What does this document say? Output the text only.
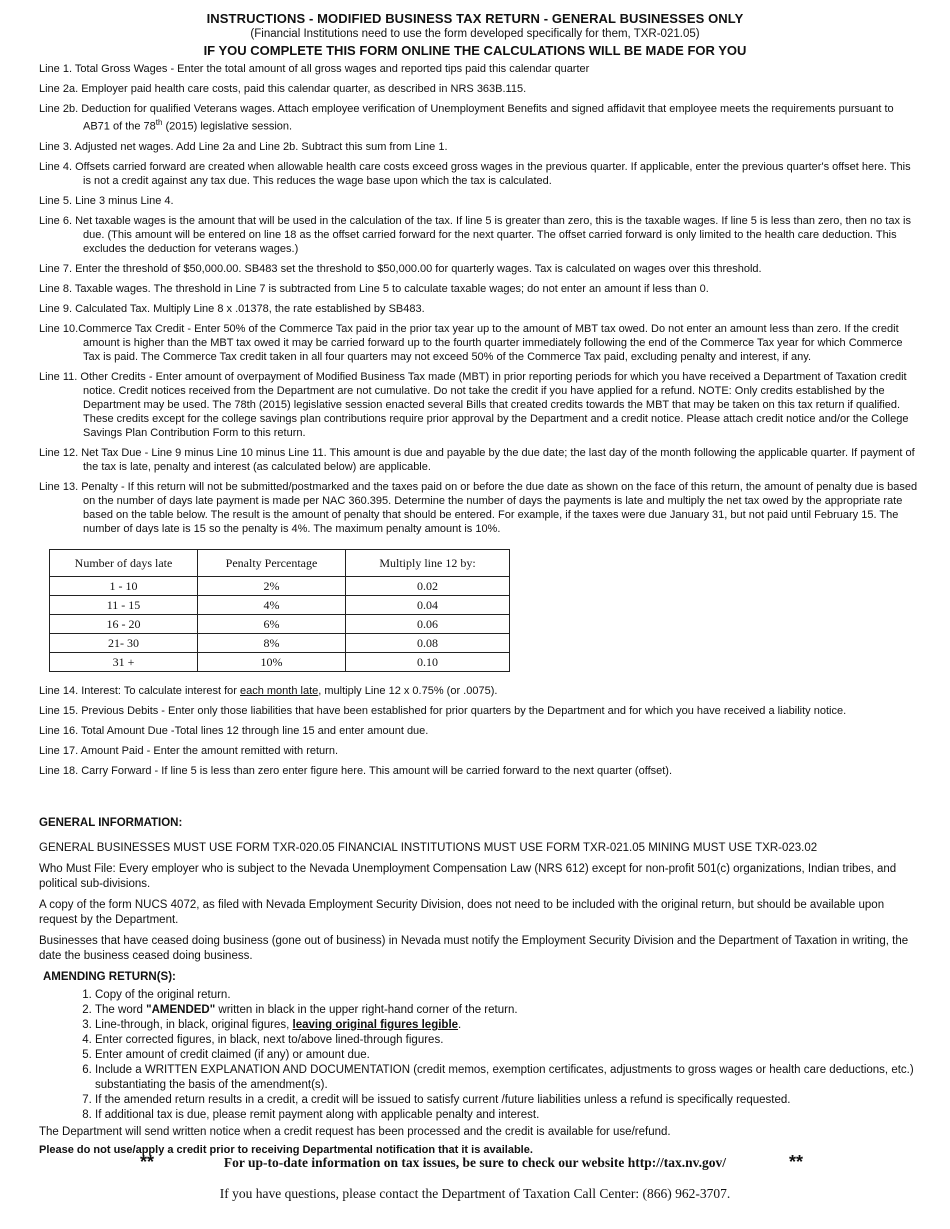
INSTRUCTIONS - MODIFIED BUSINESS TAX RETURN - GENERAL BUSINESSES ONLY
(Financial Institutions need to use the form developed specifically for them, TXR-021.05)
IF YOU COMPLETE THIS FORM ONLINE THE CALCULATIONS WILL BE MADE FOR YOU
Line 1. Total Gross Wages - Enter the total amount of all gross wages and reported tips paid this calendar quarter
Line 2a. Employer paid health care costs, paid this calendar quarter, as described in NRS 363B.115.
Line 2b. Deduction for qualified Veterans wages. Attach employee verification of Unemployment Benefits and signed affidavit that employee meets the requirements pursuant to AB71 of the 78th (2015) legislative session.
Line 3. Adjusted net wages. Add Line 2a and Line 2b. Subtract this sum from Line 1.
Line 4. Offsets carried forward are created when allowable health care costs exceed gross wages in the previous quarter. If applicable, enter the previous quarter's offset here. This is not a credit against any tax due. This reduces the wage base upon which the tax is calculated.
Line 5. Line 3 minus Line 4.
Line 6. Net taxable wages is the amount that will be used in the calculation of the tax. If line 5 is greater than zero, this is the taxable wages. If line 5 is less than zero, then no tax is due. (This amount will be entered on line 18 as the offset carried forward for the next quarter. The offset carried forward is only limited to the health care deduction. This excludes the deduction for veterans wages.)
Line 7. Enter the threshold of $50,000.00. SB483 set the threshold to $50,000.00 for quarterly wages. Tax is calculated on wages over this threshold.
Line 8. Taxable wages. The threshold in Line 7 is subtracted from Line 5 to calculate taxable wages; do not enter an amount if less than 0.
Line 9. Calculated Tax. Multiply Line 8 x .01378, the rate established by SB483.
Line 10.Commerce Tax Credit - Enter 50% of the Commerce Tax paid in the prior tax year up to the amount of MBT tax owed. Do not enter an amount less than zero. If the credit amount is higher than the MBT tax owed it may be carried forward up to the fourth quarter immediately following the end of the Commerce Tax year for which Commerce Tax is paid. The Commerce Tax credit taken in all four quarters may not exceed 50% of the Commerce Tax paid, excluding penalty and interest, if any.
Line 11. Other Credits - Enter amount of overpayment of Modified Business Tax made (MBT) in prior reporting periods for which you have received a Department of Taxation credit notice. Credit notices received from the Department are not cumulative. Do not take the credit if you have applied for a refund. NOTE: Only credits established by the Department may be used. The 78th (2015) legislative session enacted several Bills that created credits towards the MBT that may be taken on this tax return if qualified. These credits except for the college savings plan contributions require prior approval by the Department and a credit notice. Please attach credit notice and/or the College Savings Plan Contribution Form to this return.
Line 12. Net Tax Due - Line 9 minus Line 10 minus Line 11. This amount is due and payable by the due date; the last day of the month following the applicable quarter. If payment of the tax is late, penalty and interest (as calculated below) are applicable.
Line 13. Penalty - If this return will not be submitted/postmarked and the taxes paid on or before the due date as shown on the face of this return, the amount of penalty due is based on the number of days late payment is made per NAC 360.395. Determine the number of days the payments is late and multiply the net tax owed by the appropriate rate based on the table below. The result is the amount of penalty that should be entered. For example, if the taxes were due January 31, but not paid until February 15. The number of days late is 15 so the penalty is 4%. The maximum penalty amount is 10%.
Number of days late	Penalty Percentage	Multiply line 12 by:
1 - 10	2%	0.02
11 - 15	4%	0.04
16 - 20	6%	0.06
21- 30	8%	0.08
31 +	10%	0.10
Line 14. Interest: To calculate interest for each month late, multiply Line 12 x 0.75% (or .0075).
Line 15. Previous Debits - Enter only those liabilities that have been established for prior quarters by the Department and for which you have received a liability notice.
Line 16. Total Amount Due -Total lines 12 through line 15 and enter amount due.
Line 17. Amount Paid - Enter the amount remitted with return.
Line 18. Carry Forward - If line 5 is less than zero enter figure here. This amount will be carried forward to the next quarter (offset).

GENERAL INFORMATION:

GENERAL BUSINESSES MUST USE FORM TXR-020.05 FINANCIAL INSTITUTIONS MUST USE FORM TXR-021.05 MINING MUST USE TXR-023.02

Who Must File: Every employer who is subject to the Nevada Unemployment Compensation Law (NRS 612) except for non-profit 501(c) organizations, Indian tribes, and political sub-divisions.

A copy of the form NUCS 4072, as filed with Nevada Employment Security Division, does not need to be included with the original return, but should be available upon request by the Department.

Businesses that have ceased doing business (gone out of business) in Nevada must notify the Employment Security Division and the Department of Taxation in writing, the date the business ceased doing business.

AMENDING RETURN(S):

1. Copy of the original return.
2. The word "AMENDED" written in black in the upper right-hand corner of the return.
3. Line-through, in black, original figures, leaving original figures legible.
4. Enter corrected figures, in black, next to/above lined-through figures.
5. Enter amount of credit claimed (if any) or amount due.
6. Include a WRITTEN EXPLANATION AND DOCUMENTATION (credit memos, exemption certificates, adjustments to gross wages or health care deductions, etc.) substantiating the basis of the amendment(s).
7. If the amended return results in a credit, a credit will be issued to satisfy current /future liabilities unless a refund is specifically requested.
8. If additional tax is due, please remit payment along with applicable penalty and interest.

The Department will send written notice when a credit request has been processed and the credit is available for use/refund.

Please do not use/apply a credit prior to receiving Departmental notification that it is available.

**	For up-to-date information on tax issues, be sure to check our website http://tax.nv.gov/	**
If you have questions, please contact the Department of Taxation Call Center: (866) 962-3707.
